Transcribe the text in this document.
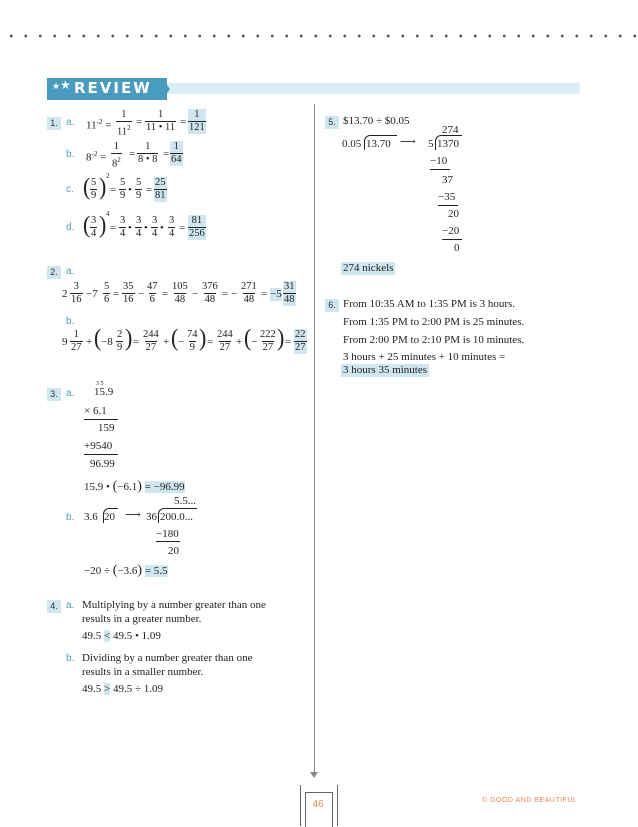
★ ★ REVIEW
1. a. $11^{-2} = \frac{1}{11^2} = \frac{1}{11 • 11} = \frac{1}{121}$
b. $8^{-2} = \frac{1}{8^2} = \frac{1}{8 • 8} = \frac{1}{64}$
c. ( $\frac{5}{9}$ ) 2
= $\frac{5}{9}$ • $\frac{5}{9} = \frac{25}{81}$
d. ( $\frac{3}{4}$ ) 4
= $\frac{3}{4}$ • $\frac{3}{4}$ • $\frac{3}{4}$ • $\frac{3}{4} = \frac{81}{256}$
2. a.
$2 \frac{3}{16} -7 \frac{5}{6} = \frac{35}{16} - \frac{47}{6} = \frac{105}{48} - \frac{376}{48}$ = − $\frac{271}{48} = -5 \frac{31}{48}$
b.
$9 \frac{1}{27}$ + ( $-8 \frac{2}{9}$ ) = $\frac{244}{27}$ + ( − $\frac{74}{9}$ ) = $\frac{244}{27}$ + ( − $\frac{222}{27}$ ) = $\frac{22}{27}$
3. a.
3 5
15.9
× 6.1
159
+9540
96.99
15.9 • (−6.1) = −96.99
b. 3.6 20 ⟶
5.5...
36 200.0...
−180
20
−20 ÷ (−3.6) = 5.5
4. a. Multiplying by a number greater than one
results in a greater number.
49.5 < 49.5 • 1.09
b. Dividing by a number greater than one
results in a smaller number.
49.5 > 49.5 ÷ 1.09
5. $13.70 ÷ $0.05
0.05 13.70 ⟶
274
5 1370
−10
37
−35
20
−20
0
274 nickels
6. From 10:35 AM to 1:35 PM is 3 hours.
From 1:35 PM to 2:00 PM is 25 minutes.
From 2:00 PM to 2:10 PM is 10 minutes.
3 hours + 25 minutes + 10 minutes =
3 hours 35 minutes
46	© GOOD AND BEAUTIFUL
